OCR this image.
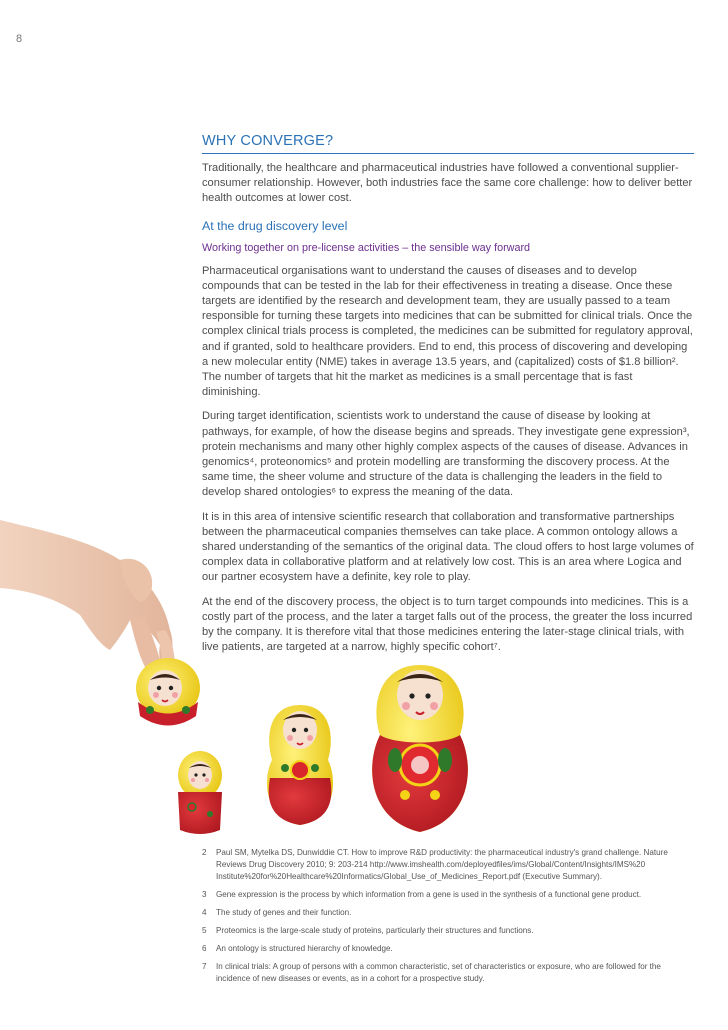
8
WHY CONVERGE?

Traditionally, the healthcare and pharmaceutical industries have followed a conventional supplier-consumer relationship. However, both industries face the same core challenge: how to deliver better health outcomes at lower cost.

At the drug discovery level
Working together on pre-license activities – the sensible way forward

Pharmaceutical organisations want to understand the causes of diseases and to develop compounds that can be tested in the lab for their effectiveness in treating a disease. Once these targets are identified by the research and development team, they are usually passed to a team responsible for turning these targets into medicines that can be submitted for clinical trials. Once the complex clinical trials process is completed, the medicines can be submitted for regulatory approval, and if granted, sold to healthcare providers. End to end, this process of discovering and developing a new molecular entity (NME) takes in average 13.5 years, and (capitalized) costs of $1.8 billion². The number of targets that hit the market as medicines is a small percentage that is fast diminishing.

During target identification, scientists work to understand the cause of disease by looking at pathways, for example, of how the disease begins and spreads. They investigate gene expression³, protein mechanisms and many other highly complex aspects of the causes of disease. Advances in genomics⁴, proteonomics⁵ and protein modelling are transforming the discovery process. At the same time, the sheer volume and structure of the data is challenging the leaders in the field to develop shared ontologies⁶ to express the meaning of the data.

It is in this area of intensive scientific research that collaboration and transformative partnerships between the pharmaceutical companies themselves can take place. A common ontology allows a shared understanding of the semantics of the original data. The cloud offers to host large volumes of complex data in collaborative platform and at relatively low cost. This is an area where Logica and our partner ecosystem have a definite, key role to play.

At the end of the discovery process, the object is to turn target compounds into medicines. This is a costly part of the process, and the later a target falls out of the process, the greater the loss incurred by the company. It is therefore vital that those medicines entering the later-stage clinical trials, with live patients, are targeted at a narrow, highly specific cohort⁷.

2	Paul SM, Mytelka DS, Dunwiddie CT. How to improve R&D productivity: the pharmaceutical industry's grand challenge. Nature Reviews Drug Discovery 2010; 9: 203-214 http://www.imshealth.com/deployedfiles/ims/Global/Content/Insights/IMS%20 Institute%20for%20Healthcare%20Informatics/Global_Use_of_Medicines_Report.pdf (Executive Summary).
3	Gene expression is the process by which information from a gene is used in the synthesis of a functional gene product.
4	The study of genes and their function.
5	Proteomics is the large-scale study of proteins, particularly their structures and functions.
6	An ontology is structured hierarchy of knowledge.
7	In clinical trials: A group of persons with a common characteristic, set of characteristics or exposure, who are followed for the incidence of new diseases or events, as in a cohort for a prospective study.
